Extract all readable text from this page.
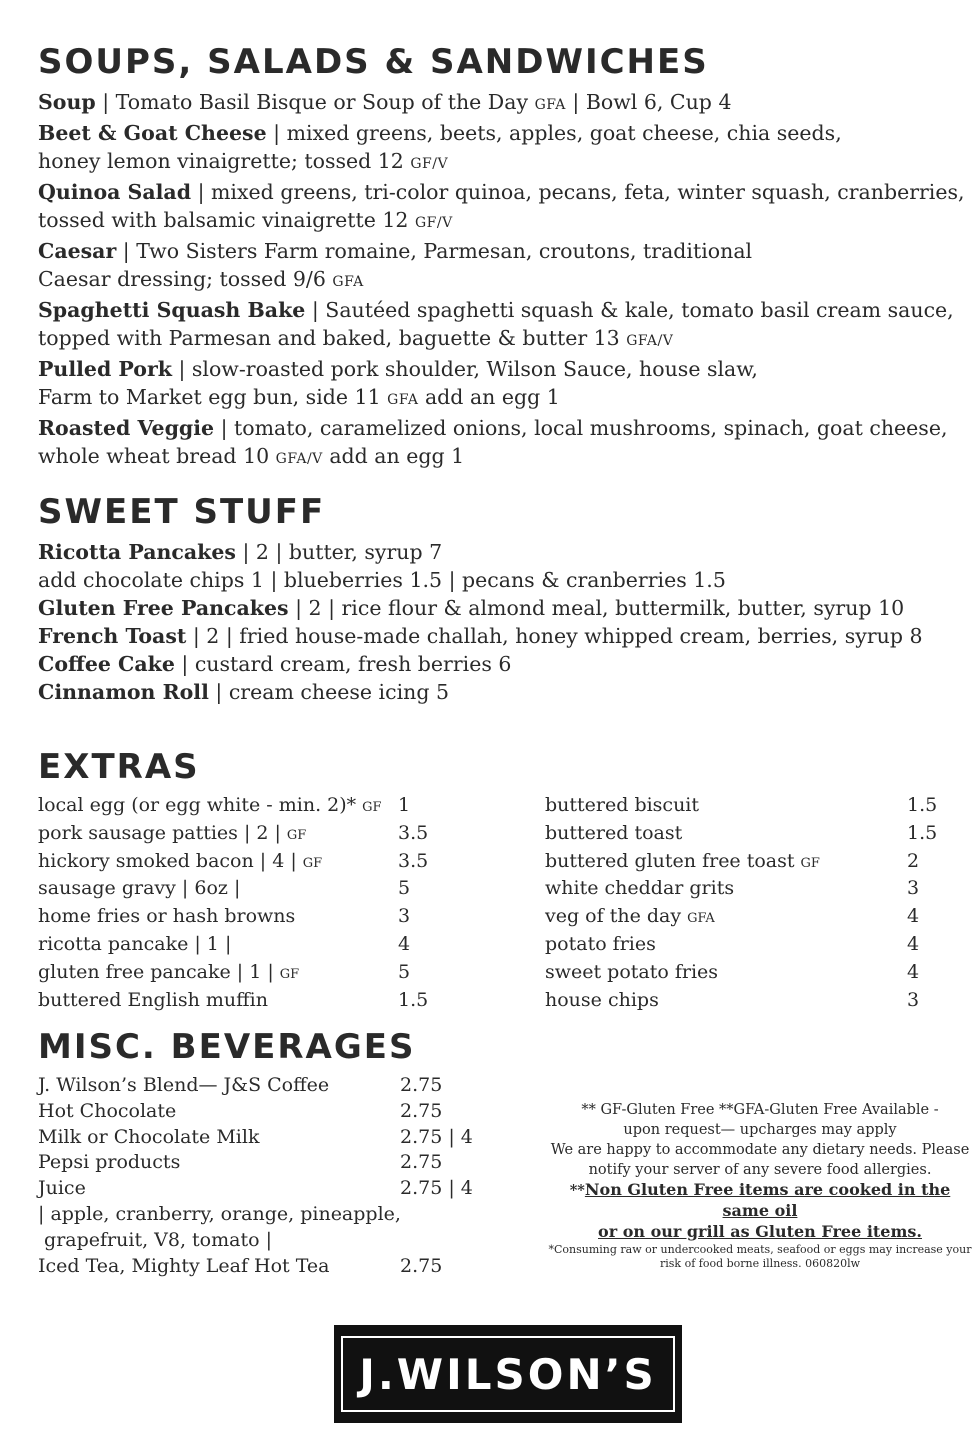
SOUPS, SALADS & SANDWICHES
Soup | Tomato Basil Bisque or Soup of the Day GFA | Bowl 6, Cup 4
Beet & Goat Cheese | mixed greens, beets, apples, goat cheese, chia seeds,
honey lemon vinaigrette; tossed 12 GF/V
Quinoa Salad | mixed greens, tri-color quinoa, pecans, feta, winter squash, cranberries,
tossed with balsamic vinaigrette 12 GF/V
Caesar | Two Sisters Farm romaine, Parmesan, croutons, traditional
Caesar dressing; tossed 9/6 GFA
Spaghetti Squash Bake | Sautéed spaghetti squash & kale, tomato basil cream sauce,
topped with Parmesan and baked, baguette & butter 13 GFA/V
Pulled Pork | slow-roasted pork shoulder, Wilson Sauce, house slaw,
Farm to Market egg bun, side 11 GFA add an egg 1
Roasted Veggie | tomato, caramelized onions, local mushrooms, spinach, goat cheese,
whole wheat bread 10 GFA/V add an egg 1
SWEET STUFF
Ricotta Pancakes | 2 | butter, syrup 7
add chocolate chips 1 | blueberries 1.5 | pecans & cranberries 1.5
Gluten Free Pancakes | 2 | rice flour & almond meal, buttermilk, butter, syrup 10
French Toast | 2 | fried house-made challah, honey whipped cream, berries, syrup 8
Coffee Cake | custard cream, fresh berries 6
Cinnamon Roll | cream cheese icing 5
EXTRAS
local egg (or egg white - min. 2)* GF 1
pork sausage patties | 2 | GF	3.5
hickory smoked bacon | 4 | GF	3.5
sausage gravy | 6oz |	5
home fries or hash browns	3
ricotta pancake | 1 |	4
gluten free pancake | 1 | GF	5
buttered English muffin	1.5
buttered biscuit	1.5
buttered toast	1.5
buttered gluten free toast GF	2
white cheddar grits	3
veg of the day GFA	4
potato fries	4
sweet potato fries	4
house chips	3
MISC. BEVERAGES
J. Wilson’s Blend— J&S Coffee	2.75
Hot Chocolate	2.75
Milk or Chocolate Milk	2.75 | 4
Pepsi products	2.75
Juice	2.75 | 4
| apple, cranberry, orange, pineapple,
grapefruit, V8, tomato |
Iced Tea, Mighty Leaf Hot Tea	2.75
** GF-Gluten Free **GFA-Gluten Free Available -
upon request— upcharges may apply
We are happy to accommodate any dietary needs. Please
notify your server of any severe food allergies.
**Non Gluten Free items are cooked in the same oil
or on our grill as Gluten Free items.
*Consuming raw or undercooked meats, seafood or eggs may increase your
risk of food borne illness. 060820lw
J.WILSON’S
